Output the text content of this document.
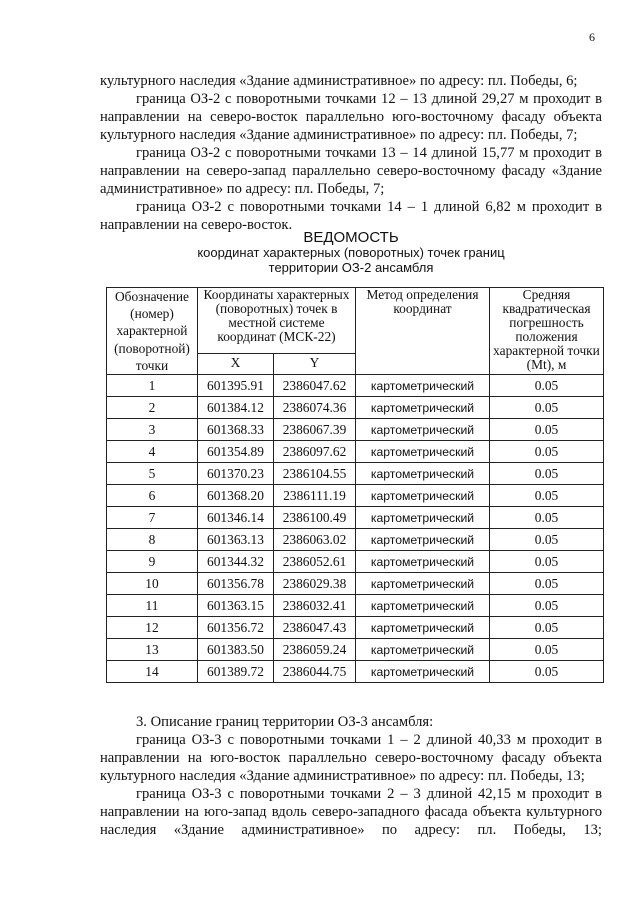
6

культурного наследия «Здание административное» по адресу: пл. Победы, 6;

граница ОЗ-2 с поворотными точками 12 – 13 длиной 29,27 м проходит в направлении на северо-восток параллельно юго-восточному фасаду объекта культурного наследия «Здание административное» по адресу: пл. Победы, 7;

граница ОЗ-2 с поворотными точками 13 – 14 длиной 15,77 м проходит в направлении на северо-запад параллельно северо-восточному фасаду «Здание административное» по адресу: пл. Победы, 7;

граница ОЗ-2 с поворотными точками 14 – 1 длиной 6,82 м проходит в направлении на северо-восток.

ВЕДОМОСТЬ
координат характерных (поворотных) точек границ
территории ОЗ-2 ансамбля
Обозначение (номер) характерной (поворотной) точки	Координаты характерных (поворотных) точек в местной системе координат (МСК-22)		Метод определения координат	Средняя квадратическая погрешность положения характерной точки (Mt), м
	X	Y		
1	601395.91	2386047.62	картометрический	0.05
2	601384.12	2386074.36	картометрический	0.05
3	601368.33	2386067.39	картометрический	0.05
4	601354.89	2386097.62	картометрический	0.05
5	601370.23	2386104.55	картометрический	0.05
6	601368.20	2386111.19	картометрический	0.05
7	601346.14	2386100.49	картометрический	0.05
8	601363.13	2386063.02	картометрический	0.05
9	601344.32	2386052.61	картометрический	0.05
10	601356.78	2386029.38	картометрический	0.05
11	601363.15	2386032.41	картометрический	0.05
12	601356.72	2386047.43	картометрический	0.05
13	601383.50	2386059.24	картометрический	0.05
14	601389.72	2386044.75	картометрический	0.05

3. Описание границ территории ОЗ-3 ансамбля:

граница ОЗ-3 с поворотными точками 1 – 2 длиной 40,33 м проходит в направлении на юго-восток параллельно северо-восточному фасаду объекта культурного наследия «Здание административное» по адресу: пл. Победы, 13;

граница ОЗ-3 с поворотными точками 2 – 3 длиной 42,15 м проходит в направлении на юго-запад вдоль северо-западного фасада объекта культурного наследия «Здание административное» по адресу: пл. Победы, 13;
